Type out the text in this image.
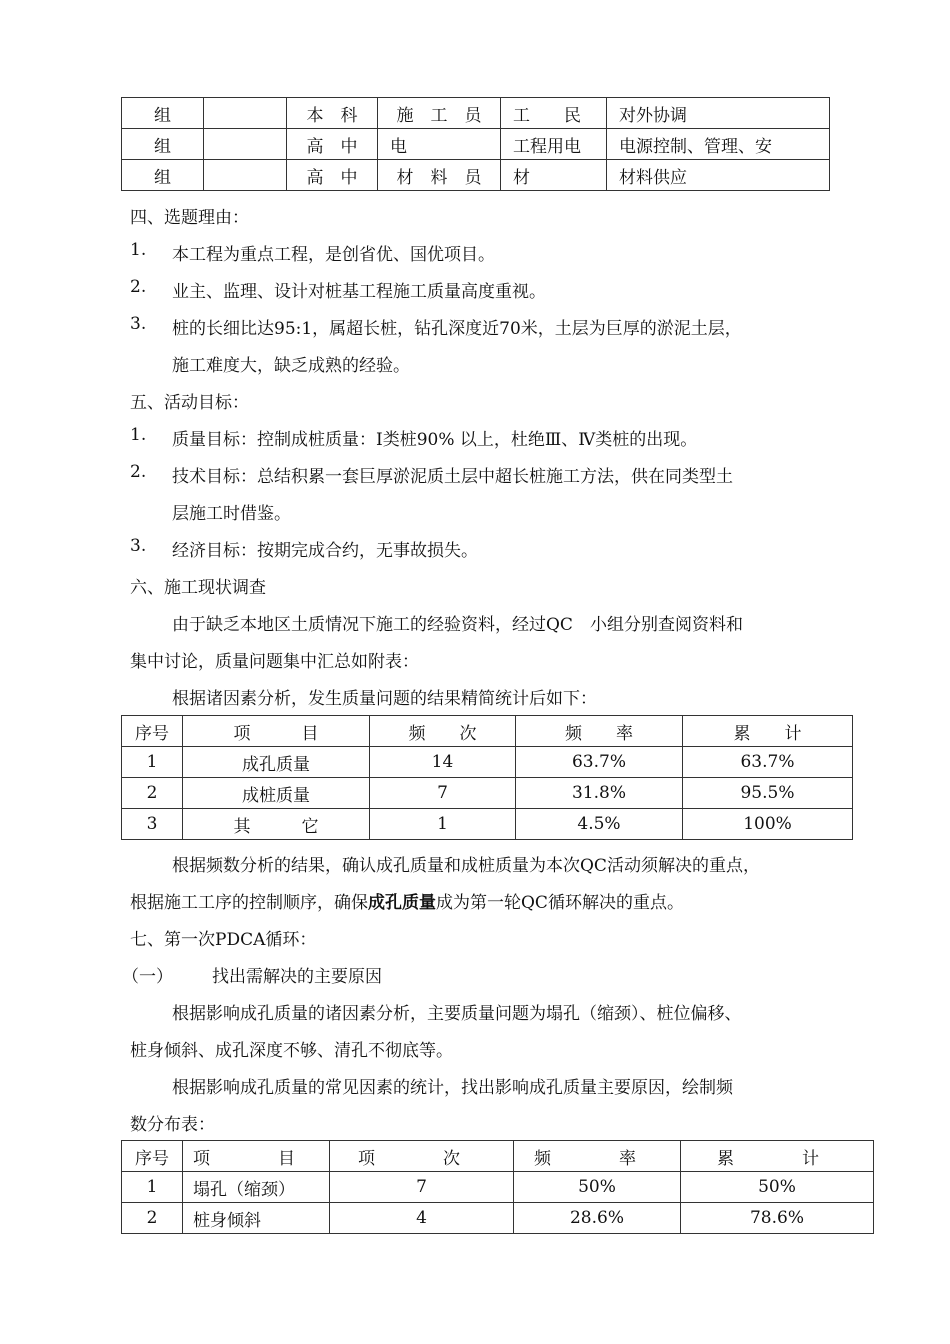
组		本　科	施　工　员	工　　民	对外协调
组		高　中	电	工程用电	电源控制、管理、安
组		高　中	材　料　员	材	材料供应
四、选题理由：
1. 本工程为重点工程，是创省优、国优项目。
2. 业主、监理、设计对桩基工程施工质量高度重视。
3. 桩的长细比达95:1，属超长桩，钻孔深度近70米，土层为巨厚的淤泥土层，
施工难度大，缺乏成熟的经验。
五、活动目标：
1. 质量目标：控制成桩质量：Ⅰ类桩90% 以上，杜绝Ⅲ、Ⅳ类桩的出现。
2. 技术目标：总结积累一套巨厚淤泥质土层中超长桩施工方法，供在同类型土
层施工时借鉴。
3. 经济目标：按期完成合约，无事故损失。
六、施工现状调查
由于缺乏本地区土质情况下施工的经验资料，经过QC　小组分别查阅资料和
集中讨论，质量问题集中汇总如附表：
根据诸因素分析，发生质量问题的结果精简统计后如下：
序号	项　　　目	频　　次	频　　率	累　　计
1	成孔质量	14	63.7%	63.7%
2	成桩质量	7	31.8%	95.5%
3	其　　　它	1	4.5%	100%
根据频数分析的结果，确认成孔质量和成桩质量为本次QC活动须解决的重点，
根据施工工序的控制顺序，确保成孔质量成为第一轮QC循环解决的重点。
七、第一次PDCA循环：
（一） 找出需解决的主要原因
根据影响成孔质量的诸因素分析，主要质量问题为塌孔（缩颈）、桩位偏移、
桩身倾斜、成孔深度不够、清孔不彻底等。
根据影响成孔质量的常见因素的统计，找出影响成孔质量主要原因，绘制频
数分布表：
序号	项　　　　目	项　　　　次	频　　　　率	累　　　　计
1	塌孔（缩颈）	7	50%	50%
2	桩身倾斜	4	28.6%	78.6%
